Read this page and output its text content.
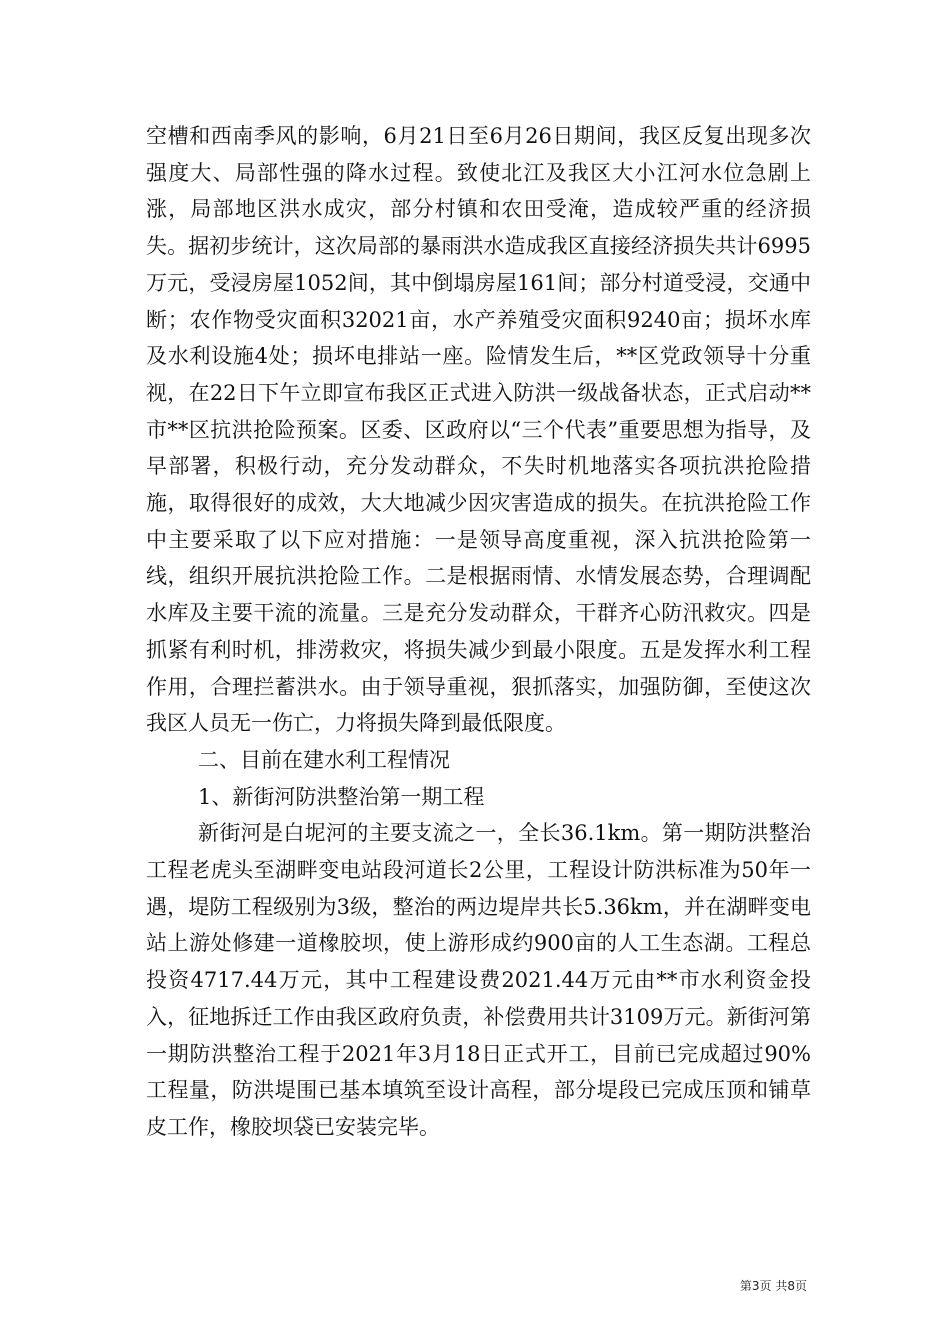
空槽和西南季风的影响，6月21日至6月26日期间，我区反复出现多次强度大、局部性强的降水过程。致使北江及我区大小江河水位急剧上涨，局部地区洪水成灾，部分村镇和农田受淹，造成较严重的经济损失。据初步统计，这次局部的暴雨洪水造成我区直接经济损失共计6995万元，受浸房屋1052间，其中倒塌房屋161间；部分村道受浸，交通中断；农作物受灾面积32021亩，水产养殖受灾面积9240亩；损坏水库及水利设施4处；损坏电排站一座。险情发生后，**区党政领导十分重视，在22日下午立即宣布我区正式进入防洪一级战备状态，正式启动**市**区抗洪抢险预案。区委、区政府以“三个代表”重要思想为指导，及早部署，积极行动，充分发动群众，不失时机地落实各项抗洪抢险措施，取得很好的成效，大大地减少因灾害造成的损失。在抗洪抢险工作中主要采取了以下应对措施：一是领导高度重视，深入抗洪抢险第一线，组织开展抗洪抢险工作。二是根据雨情、水情发展态势，合理调配水库及主要干流的流量。三是充分发动群众，干群齐心防汛救灾。四是抓紧有利时机，排涝救灾，将损失减少到最小限度。五是发挥水利工程作用，合理拦蓄洪水。由于领导重视，狠抓落实，加强防御，至使这次我区人员无一伤亡，力将损失降到最低限度。

二、目前在建水利工程情况

1、新街河防洪整治第一期工程

新街河是白坭河的主要支流之一，全长36.1km。第一期防洪整治工程老虎头至湖畔变电站段河道长2公里，工程设计防洪标准为50年一遇，堤防工程级别为3级，整治的两边堤岸共长5.36km，并在湖畔变电站上游处修建一道橡胶坝，使上游形成约900亩的人工生态湖。工程总投资4717.44万元，其中工程建设费2021.44万元由**市水利资金投入，征地拆迁工作由我区政府负责，补偿费用共计3109万元。新街河第一期防洪整治工程于2021年3月18日正式开工，目前已完成超过90%工程量，防洪堤围已基本填筑至设计高程，部分堤段已完成压顶和铺草皮工作，橡胶坝袋已安装完毕。

第3页 共8页
